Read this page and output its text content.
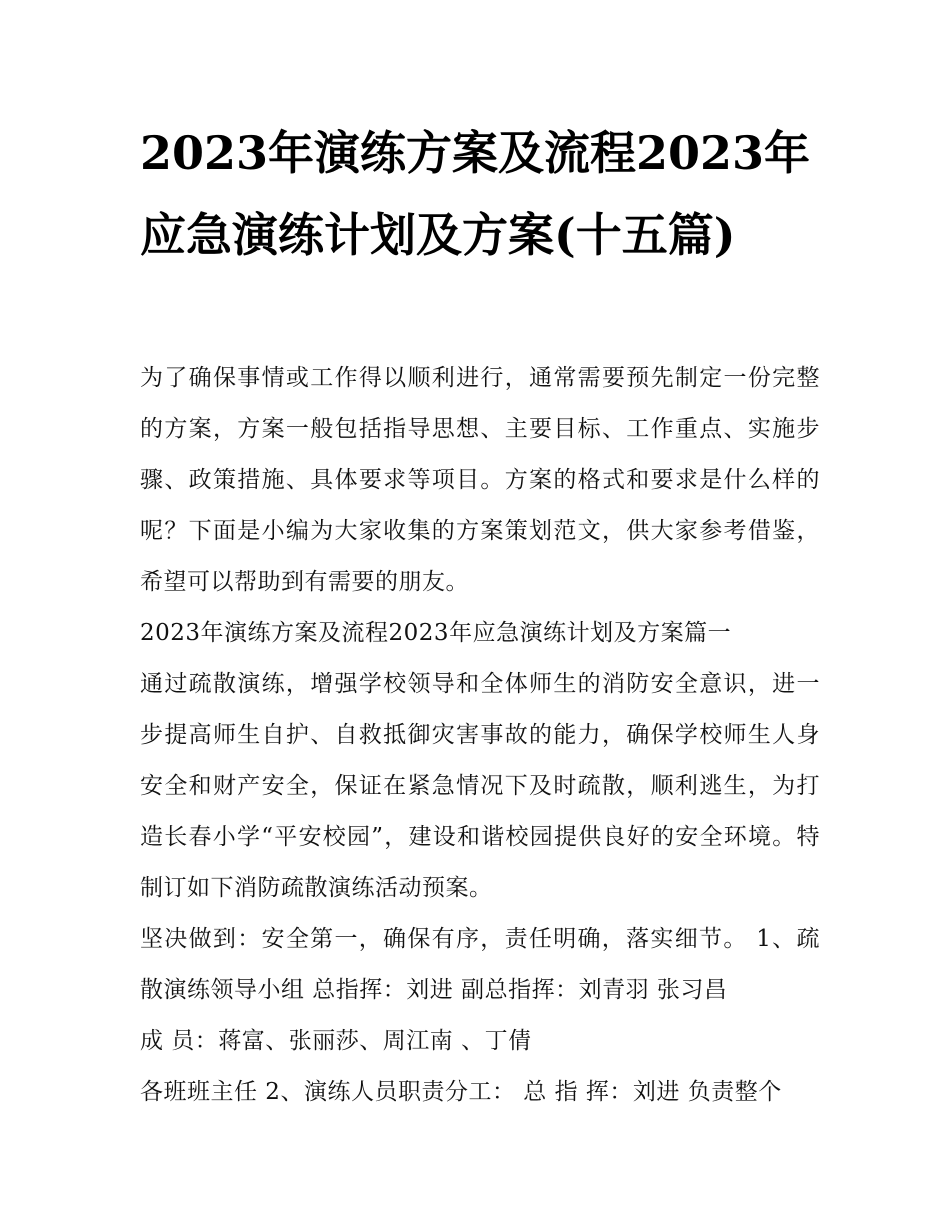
2023年演练方案及流程2023年应急演练计划及方案(十五篇)

为了确保事情或工作得以顺利进行，通常需要预先制定一份完整的方案，方案一般包括指导思想、主要目标、工作重点、实施步骤、政策措施、具体要求等项目。方案的格式和要求是什么样的呢？下面是小编为大家收集的方案策划范文，供大家参考借鉴，希望可以帮助到有需要的朋友。

2023年演练方案及流程2023年应急演练计划及方案篇一

通过疏散演练，增强学校领导和全体师生的消防安全意识，进一步提高师生自护、自救抵御灾害事故的能力，确保学校师生人身安全和财产安全，保证在紧急情况下及时疏散，顺利逃生，为打造长春小学“平安校园”，建设和谐校园提供良好的安全环境。特制订如下消防疏散演练活动预案。

坚决做到：安全第一，确保有序，责任明确，落实细节。 1、疏散演练领导小组 总指挥：刘进 副总指挥：刘青羽 张习昌

成 员：蒋富、张丽莎、周江南 、丁倩

各班班主任 2、演练人员职责分工： 总 指 挥：刘进 负责整个
